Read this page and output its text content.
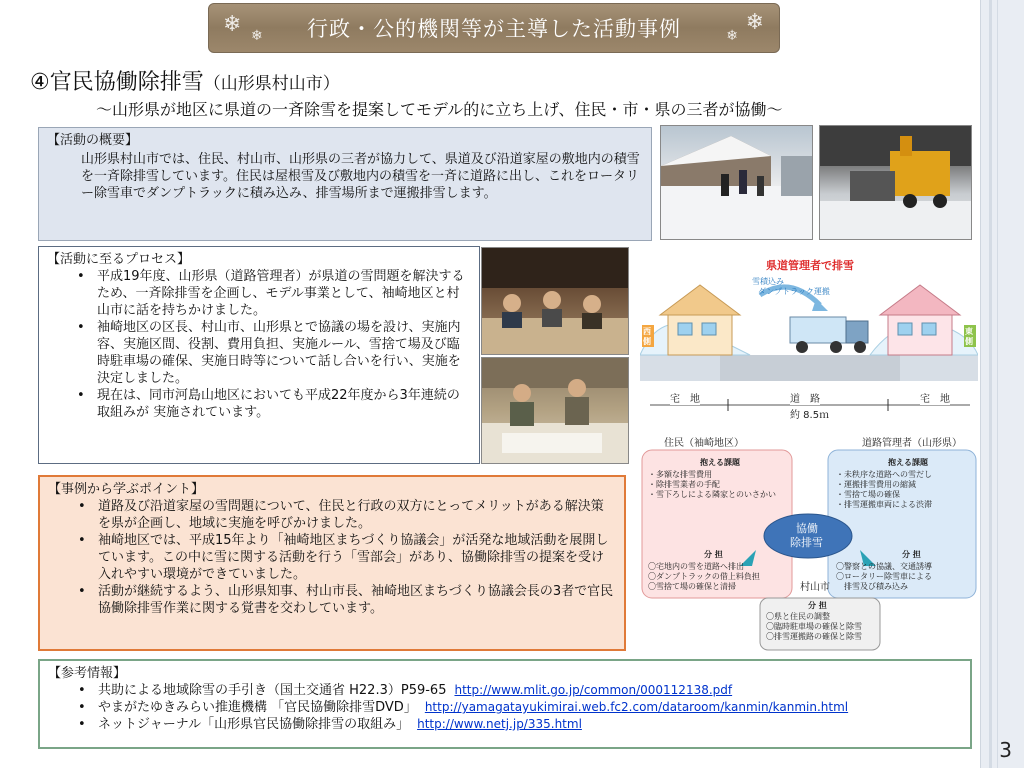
3
❄ ❄ 行政・公的機関等が主導した活動事例	❄
❄
④官民協働除排雪（山形県村山市）
〜山形県が地区に県道の一斉除雪を提案してモデル的に立ち上げ、住民・市・県の三者が協働〜
【活動の概要】
山形県村山市では、住民、村山市、山形県の三者が協力して、県道及び沿道家屋の敷地内の積雪を一斉除排雪しています。住民は屋根雪及び敷地内の積雪を一斉に道路に出し、これをロータリー除雪車でダンプトラックに積み込み、排雪場所まで運搬排雪します。
【活動に至るプロセス】
• 平成19年度、山形県（道路管理者）が県道の雪問題を解決するため、一斉除排雪を企画し、モデル事業として、袖崎地区と村山市に話を持ちかけました。
• 袖崎地区の区長、村山市、山形県とで協議の場を設け、実施内容、実施区間、役割、費用負担、実施ルール、雪捨て場及び臨時駐車場の確保、実施日時等について話し合いを行い、実施を決定しました。
• 現在は、同市河島山地区においても平成22年度から3年連続の取組みが 実施されています。
県道管理者で排雪
雪積込み
ダンプトラック運搬
西側
東側
宅　地	道　路
約 8.5ｍ
宅　地
住民（袖崎地区）	道路管理者（山形県）
抱える課題
・多額な排雪費用
・除排雪業者の手配
・雪下ろしによる隣家とのいさかい
抱える課題
・未秩序な道路への雪だし
・運搬排雪費用の縮減
・雪捨て場の確保
・排雪運搬車両による渋滞
協働
除排雪
分 担
〇宅地内の雪を道路へ排出
〇ダンプトラックの借上料負担
〇雪捨て場の確保と清掃
分 担
〇警察との協議、交通誘導
〇ロータリー除雪車による
　排雪及び積み込み
村山市
分 担
〇県と住民の調整
〇臨時駐車場の確保と除雪
〇排雪運搬路の確保と除雪
【事例から学ぶポイント】
• 道路及び沿道家屋の雪問題について、住民と行政の双方にとってメリットがある解決策を県が企画し、地域に実施を呼びかけました。
• 袖崎地区では、平成15年より「袖崎地区まちづくり協議会」が活発な地域活動を展開しています。この中に雪に関する活動を行う「雪部会」があり、協働除排雪の提案を受け入れやすい環境ができていました。
• 活動が継続するよう、山形県知事、村山市長、袖崎地区まちづくり協議会長の3者で官民協働除排雪作業に関する覚書を交わしています。
【参考情報】
• 共助による地域除雪の手引き（国土交通省 H22.3）P59-65 http://www.mlit.go.jp/common/000112138.pdf
• やまがたゆきみらい推進機構 「官民協働除排雪DVD」 http://yamagatayukimirai.web.fc2.com/dataroom/kanmin/kanmin.html
• ネットジャーナル「山形県官民協働除排雪の取組み」 http://www.netj.jp/335.html
